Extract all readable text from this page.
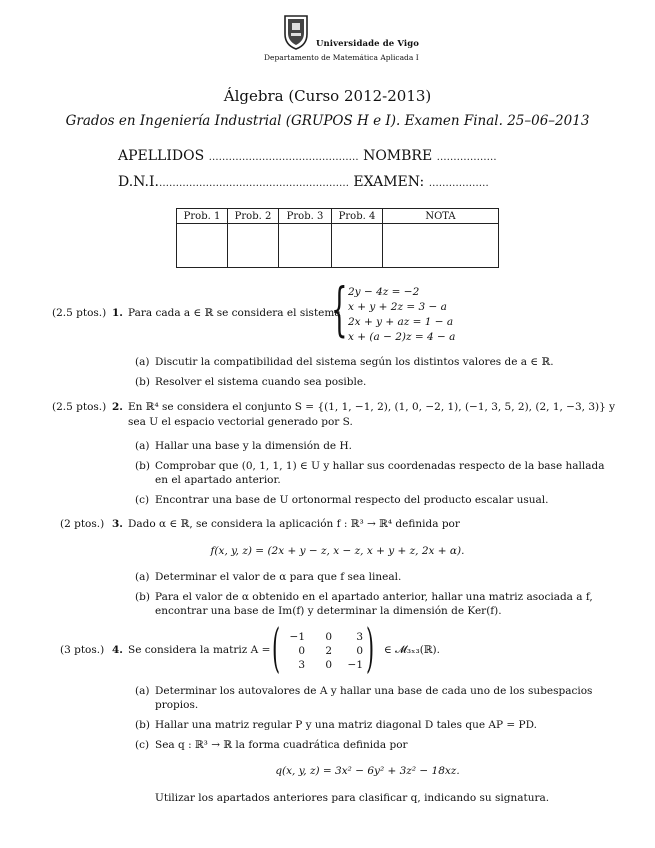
Universidade de Vigo
Departamento de Matemática Aplicada I
Álgebra (Curso 2012-2013)
Grados en Ingeniería Industrial (GRUPOS H e I). Examen Final. 25–06–2013
APELLIDOS ……………………………………… NOMBRE ………………
D.N.I.………………………………………………… EXAMEN: ………………
Prob. 1	Prob. 2	Prob. 3	Prob. 4	NOTA

(2.5 ptos.) 1. Para cada a ∈ ℝ se considera el sistema
{ 2y − 4z = −2
x + y + 2z = 3 − a
2x + y + az = 1 − a
x + (a − 2)z = 4 − a
(a) Discutir la compatibilidad del sistema según los distintos valores de a ∈ ℝ.
(b) Resolver el sistema cuando sea posible.
(2.5 ptos.) 2. En ℝ⁴ se considera el conjunto S = {(1, 1, −1, 2), (1, 0, −2, 1), (−1, 3, 5, 2), (2, 1, −3, 3)} y
sea U el espacio vectorial generado por S.
(a) Hallar una base y la dimensión de H.
(b) Comprobar que (0, 1, 1, 1) ∈ U y hallar sus coordenadas respecto de la base hallada
en el apartado anterior.
(c) Encontrar una base de U ortonormal respecto del producto escalar usual.
(2 ptos.) 3. Dado α ∈ ℝ, se considera la aplicación f : ℝ³ → ℝ⁴ definida por
f(x, y, z) = (2x + y − z, x − z, x + y + z, 2x + α).
(a) Determinar el valor de α para que f sea lineal.
(b) Para el valor de α obtenido en el apartado anterior, hallar una matriz asociada a f,
encontrar una base de Im(f) y determinar la dimensión de Ker(f).
(3 ptos.) 4. Se considera la matriz A = ( −1	0	3
0	2	0
3	0	−1 ) ∈ 𝓜₃ₓ₃(ℝ).
(a) Determinar los autovalores de A y hallar una base de cada uno de los subespacios
propios.
(b) Hallar una matriz regular P y una matriz diagonal D tales que AP = PD.
(c) Sea q : ℝ³ → ℝ la forma cuadrática definida por
q(x, y, z) = 3x² − 6y² + 3z² − 18xz.
Utilizar los apartados anteriores para clasificar q, indicando su signatura.
